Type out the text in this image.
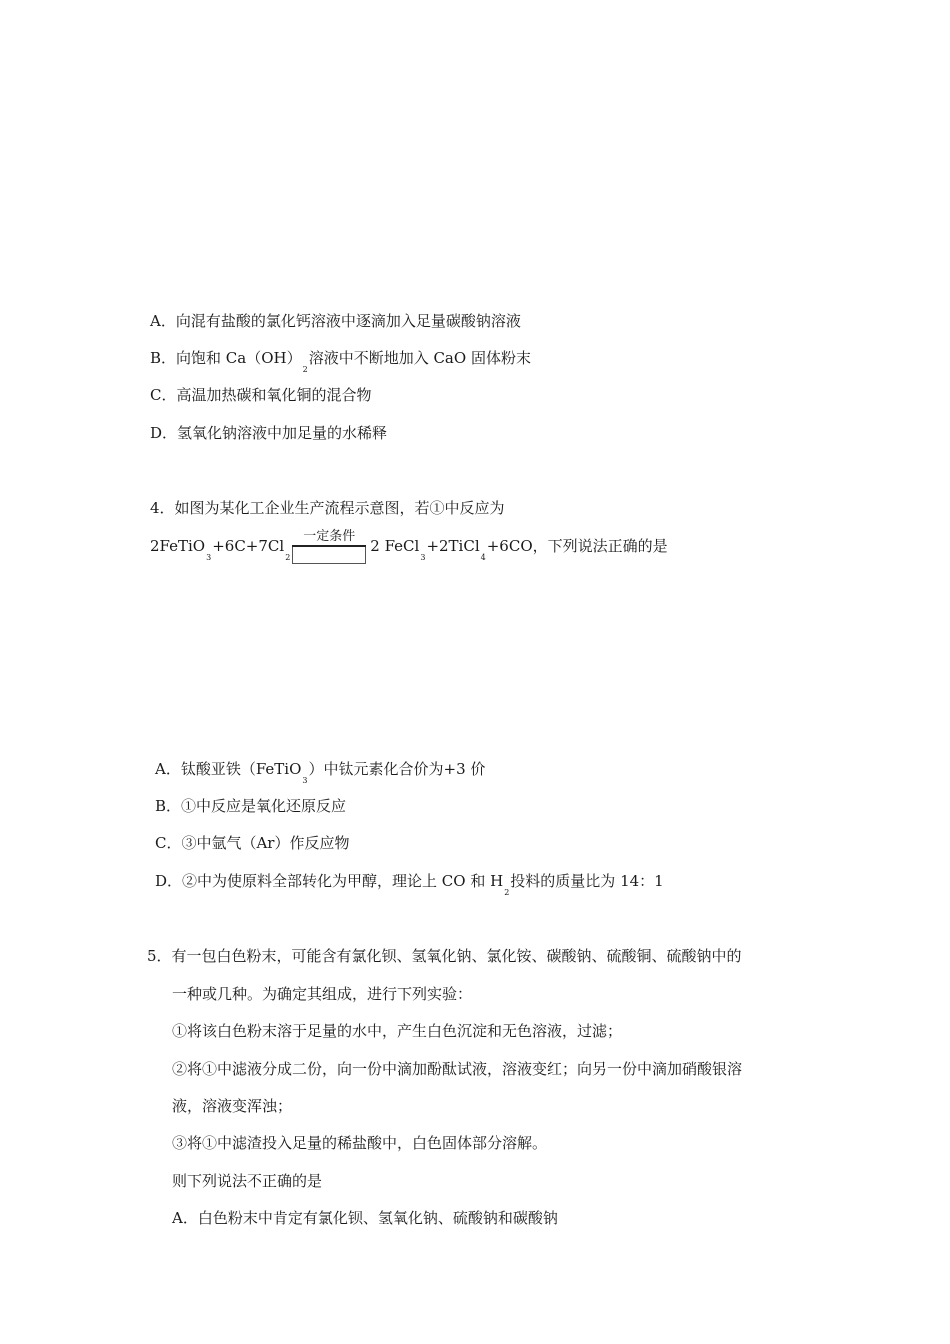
A．向混有盐酸的氯化钙溶液中逐滴加入足量碳酸钠溶液
B．向饱和 $Ca(OH)_2$溶液中不断地加入 CaO 固体粉末
C．高温加热碳和氧化铜的混合物
D．氢氧化钠溶液中加足量的水稀释
4．如图为某化工企业生产流程示意图，若①中反应为
$2FeTiO_3+6C+7Cl_2$
一定条件
2 FeCl$_3$+2TiCl$_4$+6CO，下列说法正确的是
A．钛酸亚铁（FeTiO$_3$）中钛元素化合价为+3 价
B．①中反应是氧化还原反应
C．③中氩气（Ar）作反应物
D．②中为使原料全部转化为甲醇，理论上 CO 和 $H_2$投料的质量比为 14：1
5．有一包白色粉末，可能含有氯化钡、氢氧化钠、氯化铵、碳酸钠、硫酸铜、硫酸钠中的
一种或几种。为确定其组成，进行下列实验：
①将该白色粉末溶于足量的水中，产生白色沉淀和无色溶液，过滤；
②将①中滤液分成二份，向一份中滴加酚酞试液，溶液变红；向另一份中滴加硝酸银溶
液，溶液变浑浊；
③将①中滤渣投入足量的稀盐酸中，白色固体部分溶解。
则下列说法不正确的是
A．白色粉末中肯定有氯化钡、氢氧化钠、硫酸钠和碳酸钠
